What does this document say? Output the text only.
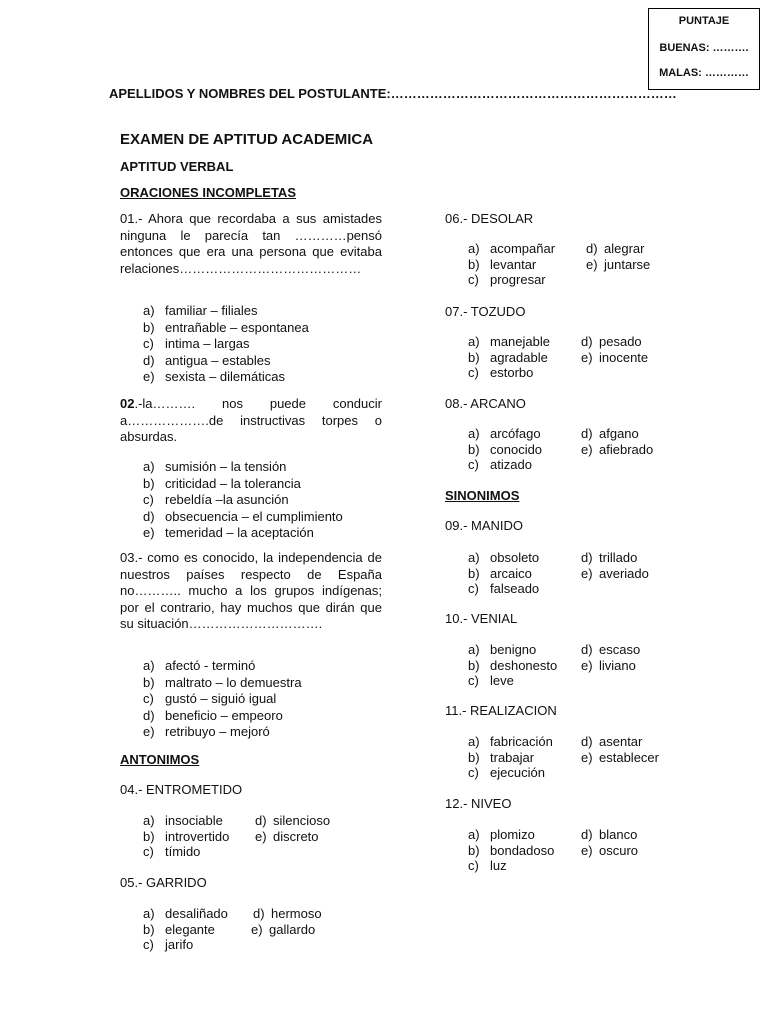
PUNTAJE
BUENAS: ……….
MALAS: …………
APELLIDOS Y NOMBRES DEL POSTULANTE:…………………………………………………………
EXAMEN DE APTITUD ACADEMICA
APTITUD VERBAL
ORACIONES INCOMPLETAS
01.- Ahora que recordaba a sus amistades ninguna le parecía tan …………pensó entonces que era una persona que evitaba relaciones……………………………………
a) familiar – filiales
b) entrañable – espontanea
c) intima – largas
d) antigua – estables
e) sexista – dilemáticas
02.-la………. nos puede conducir a……………….de instructivas torpes o absurdas.
a) sumisión – la tensión
b) criticidad – la tolerancia
c) rebeldía –la asunción
d) obsecuencia – el cumplimiento
e) temeridad – la aceptación
03.- como es conocido, la independencia de nuestros países respecto de España no……….. mucho a los grupos indígenas; por el contrario, hay muchos que dirán que su situación………………………….
a) afectó - terminó
b) maltrato – lo demuestra
c) gustó – siguió igual
d) beneficio – empeoro
e) retribuyo – mejoró
ANTONIMOS
04.- ENTROMETIDO
a) insociable d) silencioso
b) introvertido e) discreto
c) tímido
05.- GARRIDO
a) desaliñado d) hermoso
b) elegante	e) gallardo
c) jarifo
06.- DESOLAR
a) acompañar d) alegrar
b) levantar	e) juntarse
c) progresar
07.- TOZUDO
a) manejable d) pesado
b) agradable	e) inocente
c) estorbo
08.- ARCANO
a) arcófago	d) afgano
b) conocido	e) afiebrado
c) atizado
SINONIMOS
09.- MANIDO
a) obsoleto	d) trillado
b) arcaico	e) averiado
c) falseado
10.- VENIAL
a) benigno	d) escaso
b) deshonesto e) liviano
c) leve
11.- REALIZACION
a) fabricación d) asentar
b) trabajar	e) establecer
c) ejecución
12.- NIVEO
a) plomizo	d) blanco
b) bondadoso e) oscuro
c) luz
